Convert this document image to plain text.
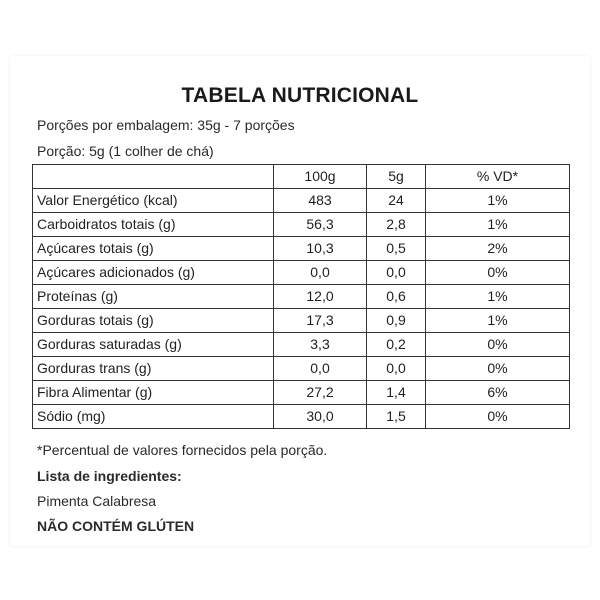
TABELA NUTRICIONAL
Porções por embalagem: 35g - 7 porções
Porção: 5g (1 colher de chá)
	100g	5g	% VD*
Valor Energético (kcal)	483	24	1%
Carboidratos totais (g)	56,3	2,8	1%
Açúcares totais (g)	10,3	0,5	2%
Açúcares adicionados (g)	0,0	0,0	0%
Proteínas (g)	12,0	0,6	1%
Gorduras totais (g)	17,3	0,9	1%
Gorduras saturadas (g)	3,3	0,2	0%
Gorduras trans (g)	0,0	0,0	0%
Fibra Alimentar (g)	27,2	1,4	6%
Sódio (mg)	30,0	1,5	0%
*Percentual de valores fornecidos pela porção.
Lista de ingredientes:
Pimenta Calabresa
NÃO CONTÉM GLÚTEN
